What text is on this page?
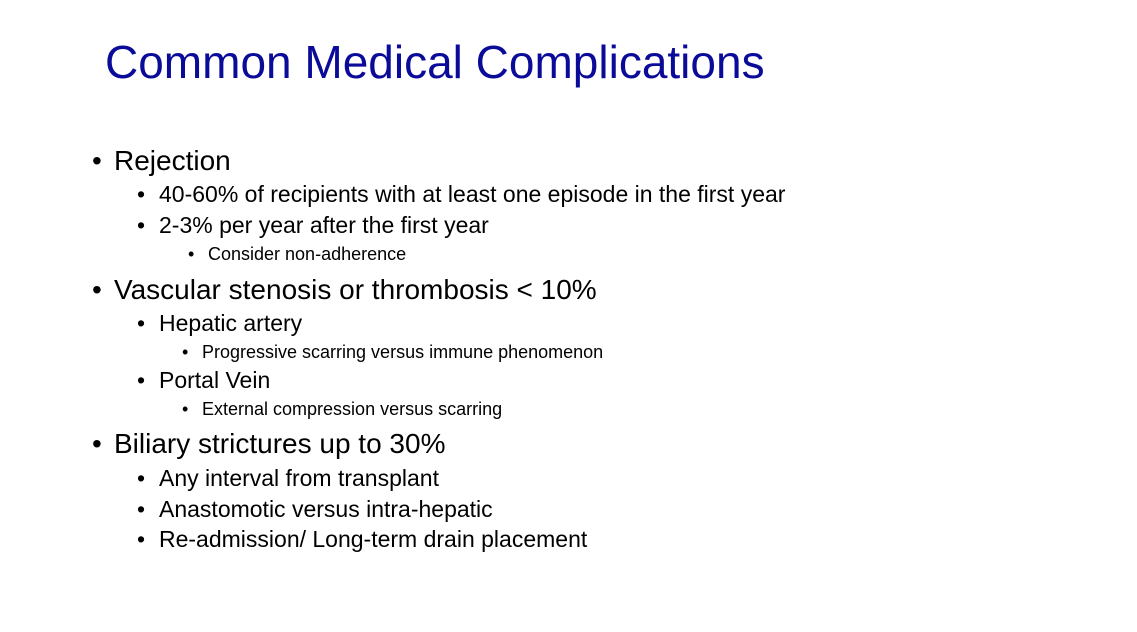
Common Medical Complications
• Rejection
• 40-60% of recipients with at least one episode in the first year
• 2-3% per year after the first year
• Consider non-adherence
• Vascular stenosis or thrombosis < 10%
• Hepatic artery
• Progressive scarring versus immune phenomenon
• Portal Vein
• External compression versus scarring
• Biliary strictures up to 30%
• Any interval from transplant
• Anastomotic versus intra-hepatic
• Re-admission/ Long-term drain placement
